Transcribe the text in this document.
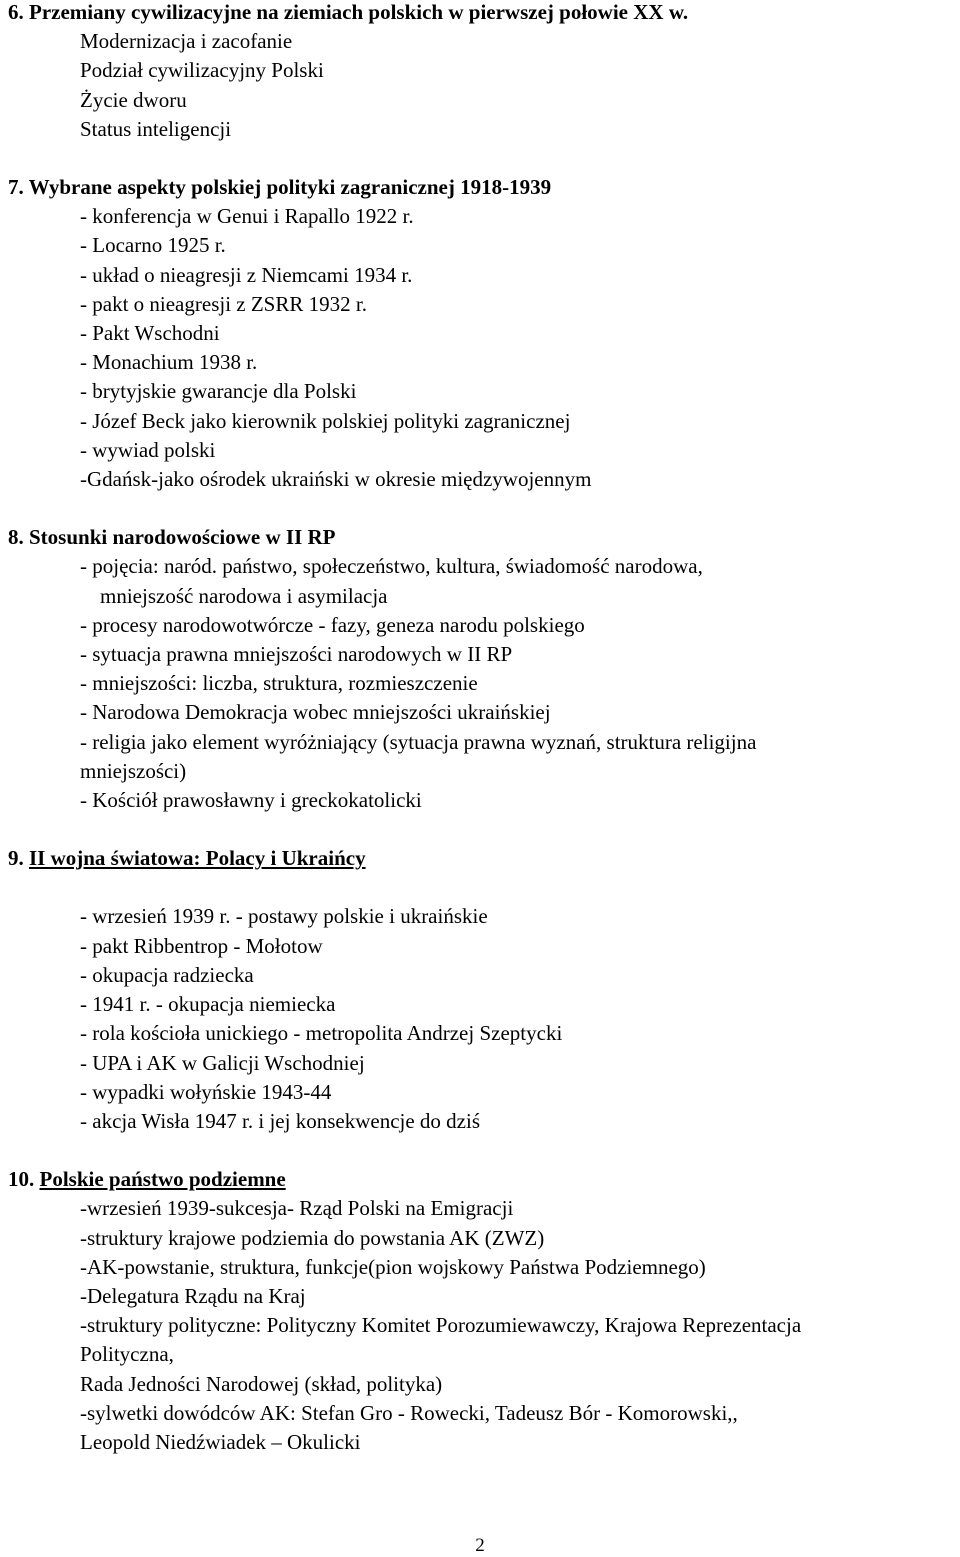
6. Przemiany cywilizacyjne na ziemiach polskich w pierwszej połowie XX w.
Modernizacja i zacofanie
Podział cywilizacyjny Polski
Życie dworu
Status inteligencji
7. Wybrane aspekty polskiej polityki zagranicznej 1918-1939
- konferencja w Genui i Rapallo 1922 r.
- Locarno 1925 r.
- układ o nieagresji z Niemcami 1934 r.
- pakt o nieagresji z ZSRR 1932 r.
- Pakt Wschodni
- Monachium 1938 r.
- brytyjskie gwarancje dla Polski
- Józef Beck jako kierownik polskiej polityki zagranicznej
- wywiad polski
-Gdańsk-jako ośrodek ukraiński w okresie międzywojennym
8. Stosunki narodowościowe w II RP
- pojęcia: naród. państwo, społeczeństwo, kultura, świadomość narodowa,
mniejszość narodowa i asymilacja
- procesy narodowotwórcze - fazy, geneza narodu polskiego
- sytuacja prawna mniejszości narodowych w II RP
- mniejszości: liczba, struktura, rozmieszczenie
- Narodowa Demokracja wobec mniejszości ukraińskiej
- religia jako element wyróżniający (sytuacja prawna wyznań, struktura religijna
mniejszości)
- Kościół prawosławny i greckokatolicki
9. II wojna światowa: Polacy i Ukraińcy
- wrzesień 1939 r. - postawy polskie i ukraińskie
- pakt Ribbentrop - Mołotow
- okupacja radziecka
- 1941 r. - okupacja niemiecka
- rola kościoła unickiego - metropolita Andrzej Szeptycki
- UPA i AK w Galicji Wschodniej
- wypadki wołyńskie 1943-44
- akcja Wisła 1947 r. i jej konsekwencje do dziś
10. Polskie państwo podziemne
-wrzesień 1939-sukcesja- Rząd Polski na Emigracji
-struktury krajowe podziemia do powstania AK (ZWZ)
-AK-powstanie, struktura, funkcje(pion wojskowy Państwa Podziemnego)
-Delegatura Rządu na Kraj
-struktury polityczne: Polityczny Komitet Porozumiewawczy, Krajowa Reprezentacja
Polityczna,
Rada Jedności Narodowej (skład, polityka)
-sylwetki dowódców AK: Stefan Gro - Rowecki, Tadeusz Bór - Komorowski,,
Leopold Niedźwiadek – Okulicki
2
